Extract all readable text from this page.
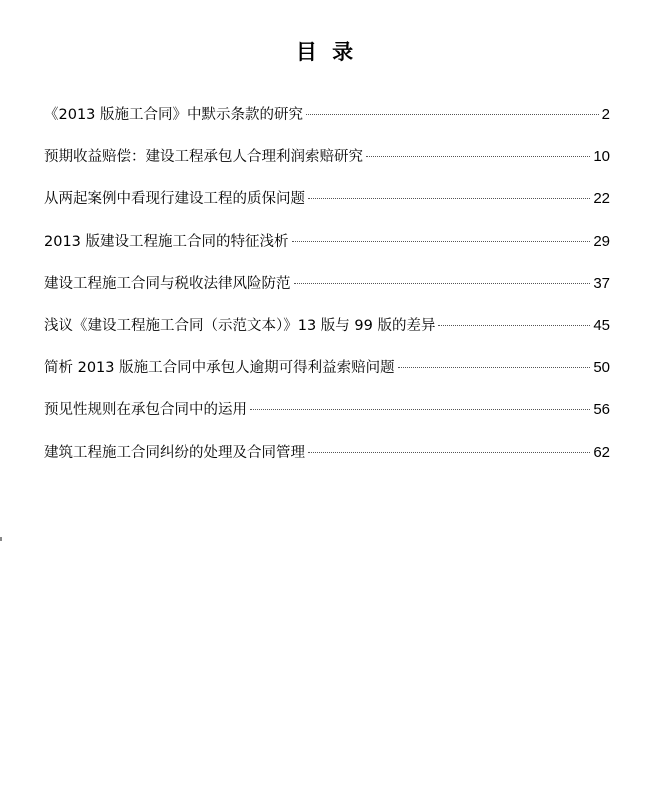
目 录
《2013 版施工合同》中默示条款的研究	2
预期收益赔偿：建设工程承包人合理利润索赔研究	10
从两起案例中看现行建设工程的质保问题	22
2013 版建设工程施工合同的特征浅析	29
建设工程施工合同与税收法律风险防范	37
浅议《建设工程施工合同（示范文本）》13 版与 99 版的差异	45
简析 2013 版施工合同中承包人逾期可得利益索赔问题	50
预见性规则在承包合同中的运用	56
建筑工程施工合同纠纷的处理及合同管理	62
